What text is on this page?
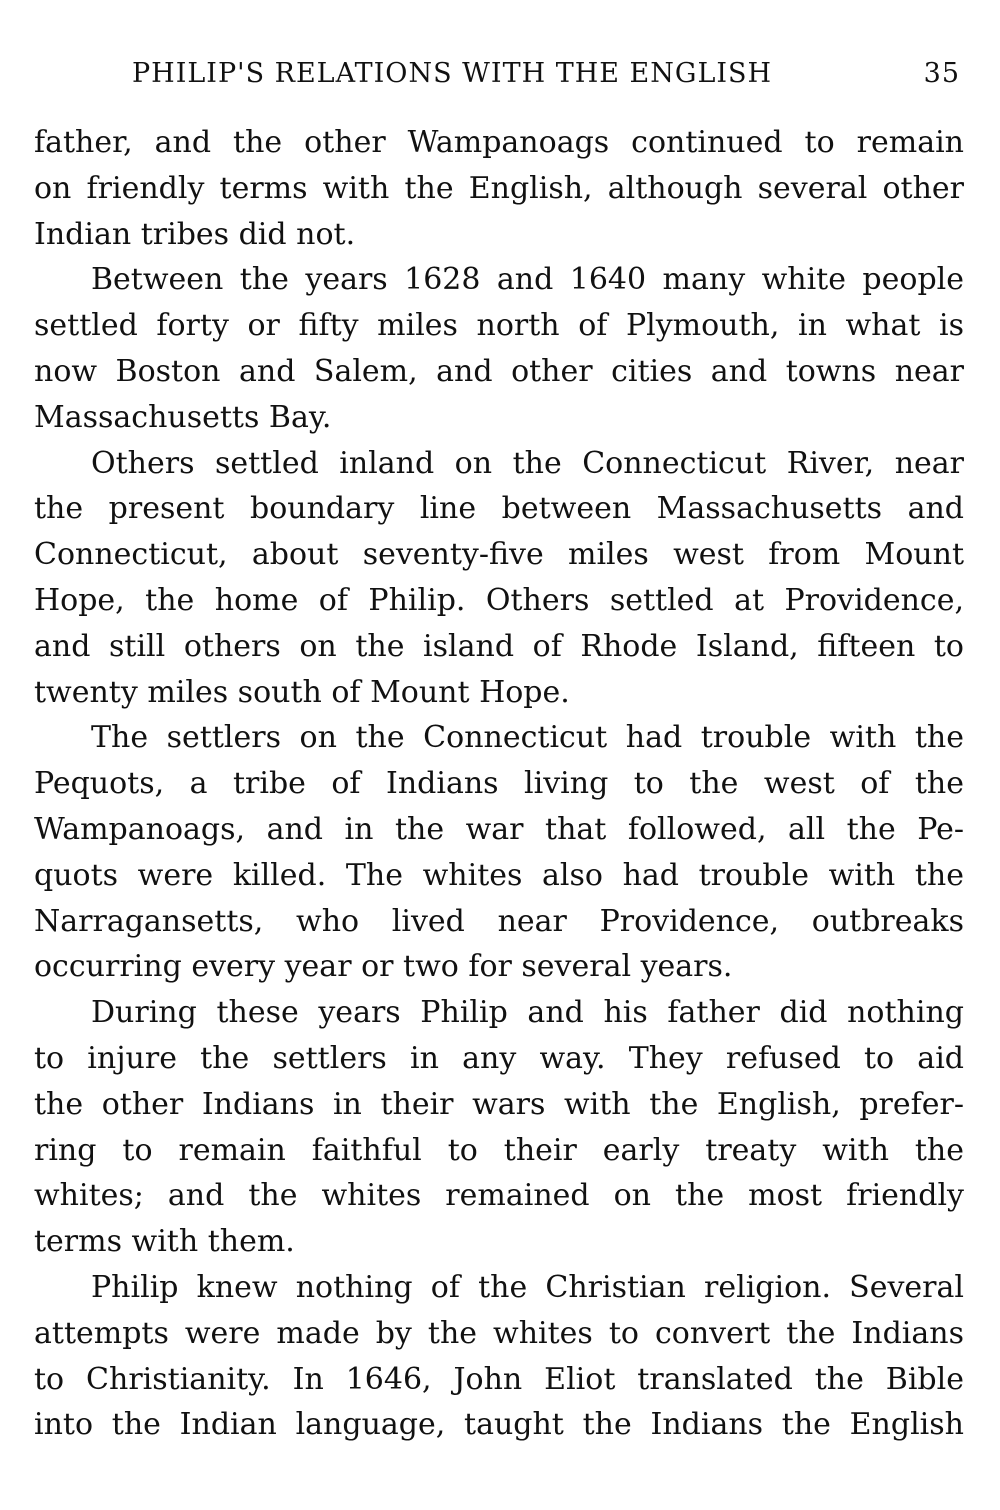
PHILIP'S RELATIONS WITH THE ENGLISH	35
father, and the other Wampanoags continued to remain
on friendly terms with the English, although several other
Indian tribes did not.
Between the years 1628 and 1640 many white people
settled forty or fifty miles north of Plymouth, in what is
now Boston and Salem, and other cities and towns near
Massachusetts Bay.
Others settled inland on the Connecticut River, near
the present boundary line between Massachusetts and
Connecticut, about seventy-five miles west from Mount
Hope, the home of Philip. Others settled at Providence,
and still others on the island of Rhode Island, fifteen to
twenty miles south of Mount Hope.
The settlers on the Connecticut had trouble with the
Pequots, a tribe of Indians living to the west of the
Wampanoags, and in the war that followed, all the Pe-
quots were killed. The whites also had trouble with the
Narragansetts, who lived near Providence, outbreaks
occurring every year or two for several years.
During these years Philip and his father did nothing
to injure the settlers in any way. They refused to aid
the other Indians in their wars with the English, prefer-
ring to remain faithful to their early treaty with the
whites; and the whites remained on the most friendly
terms with them.
Philip knew nothing of the Christian religion. Several
attempts were made by the whites to convert the Indians
to Christianity. In 1646, John Eliot translated the Bible
into the Indian language, taught the Indians the English
